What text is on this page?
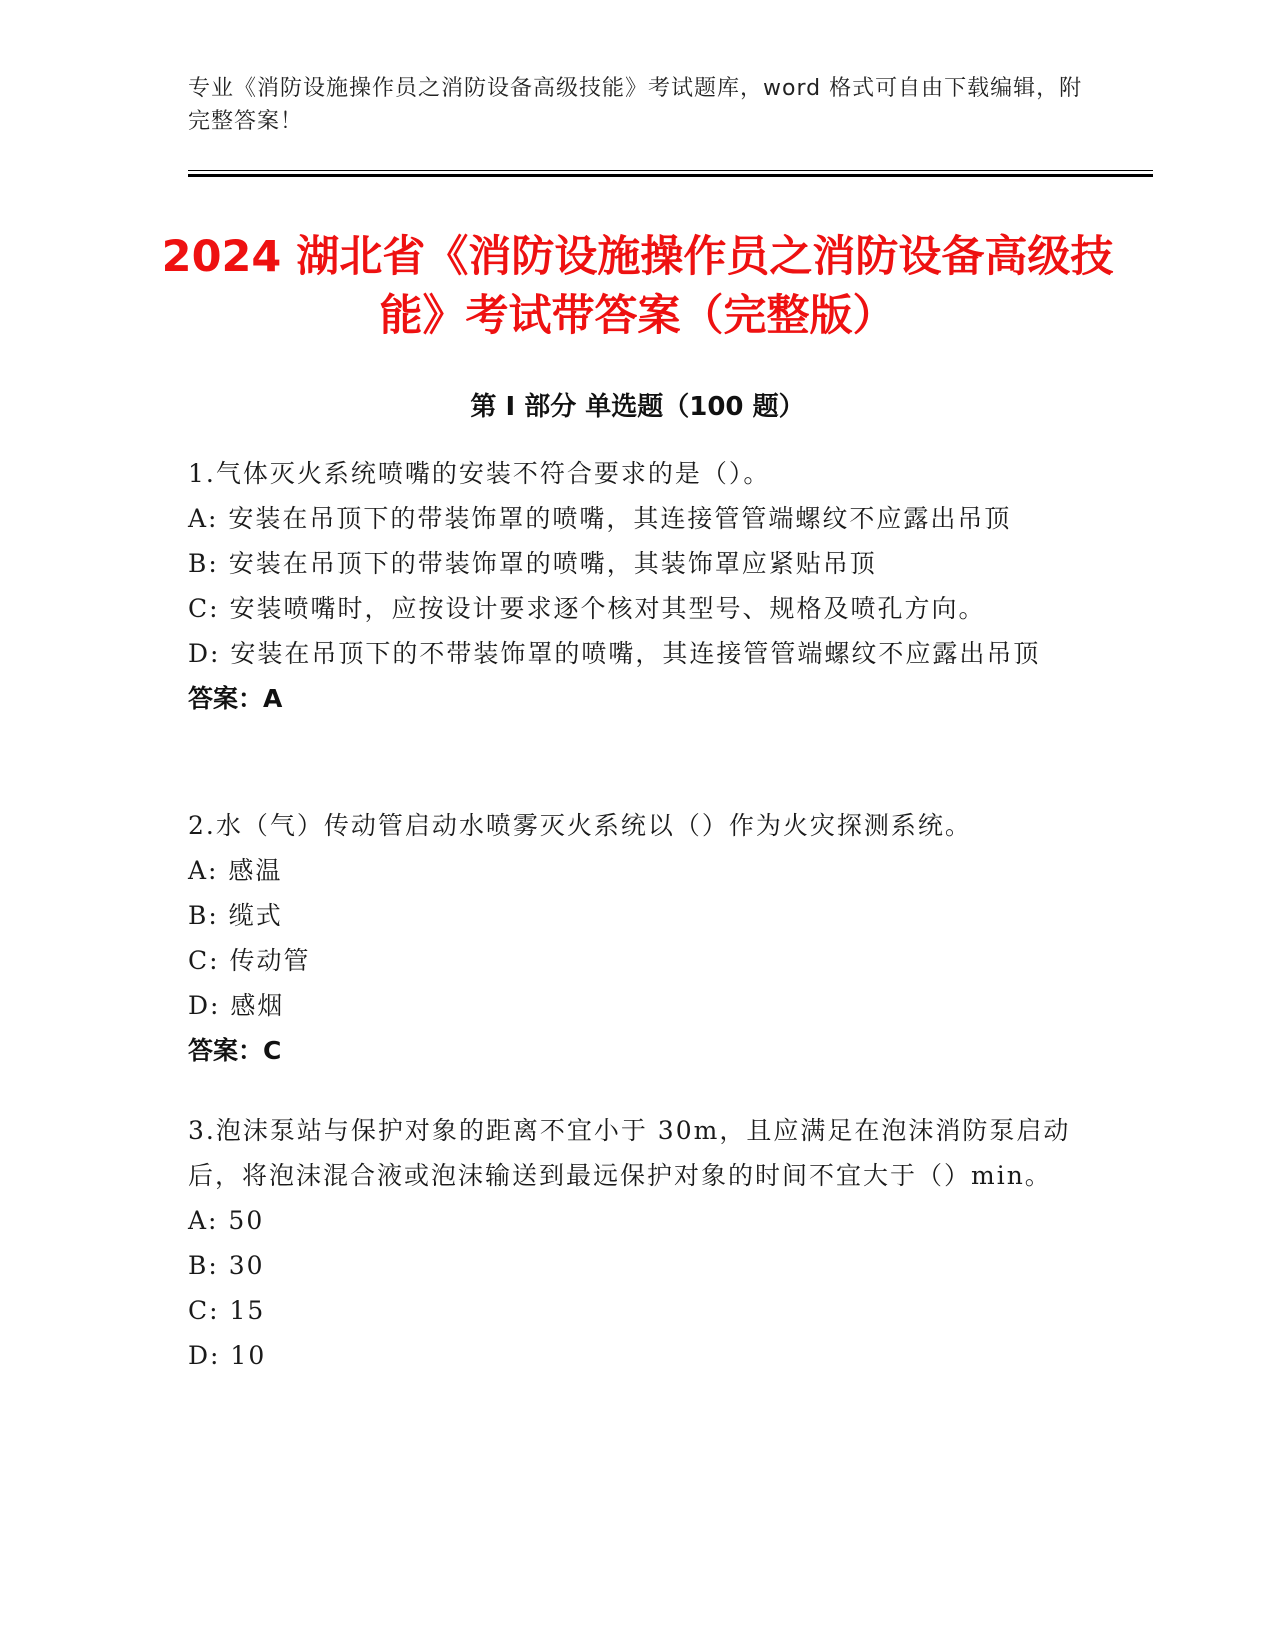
专业《消防设施操作员之消防设备高级技能》考试题库，word 格式可自由下载编辑，附完整答案！
2024 湖北省《消防设施操作员之消防设备高级技能》考试带答案（完整版）
第 I 部分 单选题（100 题）
1.气体灭火系统喷嘴的安装不符合要求的是（）。
A: 安装在吊顶下的带装饰罩的喷嘴，其连接管管端螺纹不应露出吊顶
B: 安装在吊顶下的带装饰罩的喷嘴，其装饰罩应紧贴吊顶
C: 安装喷嘴时，应按设计要求逐个核对其型号、规格及喷孔方向。
D: 安装在吊顶下的不带装饰罩的喷嘴，其连接管管端螺纹不应露出吊顶
答案：A
2.水（气）传动管启动水喷雾灭火系统以（）作为火灾探测系统。
A: 感温
B: 缆式
C: 传动管
D: 感烟
答案：C
3.泡沫泵站与保护对象的距离不宜小于 30m，且应满足在泡沫消防泵启动后，将泡沫混合液或泡沫输送到最远保护对象的时间不宜大于（）min。
A: 50
B: 30
C: 15
D: 10
